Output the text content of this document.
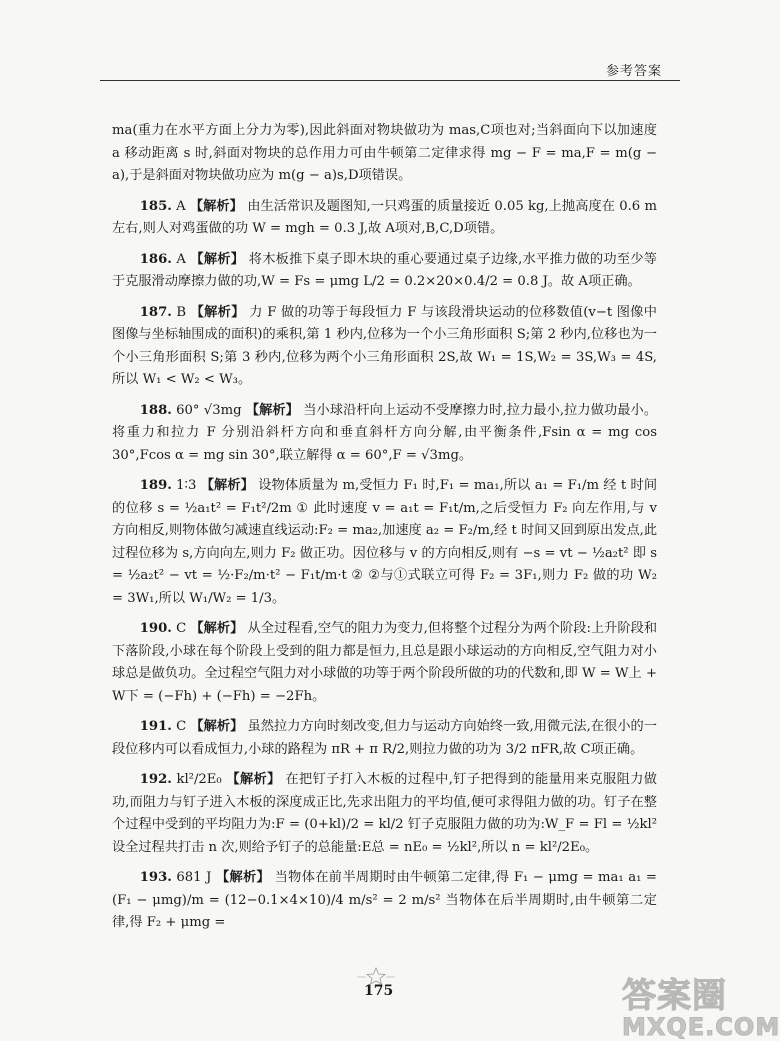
参考答案

ma(重力在水平方面上分力为零),因此斜面对物块做功为 mas,C项也对;当斜面向下以加速度 a 移动距离 s 时,斜面对物块的总作用力可由牛顿第二定律求得 mg − F = ma,F = m(g − a),于是斜面对物块做功应为 m(g − a)s,D项错误。

185. A 【解析】 由生活常识及题图知,一只鸡蛋的质量接近 0.05 kg,上抛高度在 0.6 m 左右,则人对鸡蛋做的功 W = mgh = 0.3 J,故 A项对,B,C,D项错。

186. A 【解析】 将木板推下桌子即木块的重心要通过桌子边缘,水平推力做的功至少等于克服滑动摩擦力做的功,W = Fs = μmg L/2 = 0.2×20×0.4/2 = 0.8 J。故 A项正确。

187. B 【解析】 力 F 做的功等于每段恒力 F 与该段滑块运动的位移数值(v−t 图像中图像与坐标轴围成的面积)的乘积,第 1 秒内,位移为一个小三角形面积 S;第 2 秒内,位移也为一个小三角形面积 S;第 3 秒内,位移为两个小三角形面积 2S,故 W₁ = 1S,W₂ = 3S,W₃ = 4S,所以 W₁ < W₂ < W₃。

188. 60° √3mg 【解析】 当小球沿杆向上运动不受摩擦力时,拉力最小,拉力做功最小。将重力和拉力 F 分别沿斜杆方向和垂直斜杆方向分解,由平衡条件,Fsin α = mg cos 30°,Fcos α = mg sin 30°,联立解得 α = 60°,F = √3mg。

189. 1∶3 【解析】 设物体质量为 m,受恒力 F₁ 时,F₁ = ma₁,所以 a₁ = F₁/m 经 t 时间的位移 s = ½a₁t² = F₁t²/2m ① 此时速度 v = a₁t = F₁t/m,之后受恒力 F₂ 向左作用,与 v 方向相反,则物体做匀减速直线运动:F₂ = ma₂,加速度 a₂ = F₂/m,经 t 时间又回到原出发点,此过程位移为 s,方向向左,则力 F₂ 做正功。因位移与 v 的方向相反,则有 −s = vt − ½a₂t² 即 s = ½a₂t² − vt = ½·F₂/m·t² − F₁t/m·t ② ②与①式联立可得 F₂ = 3F₁,则力 F₂ 做的功 W₂ = 3W₁,所以 W₁/W₂ = 1/3。

190. C 【解析】 从全过程看,空气的阻力为变力,但将整个过程分为两个阶段:上升阶段和下落阶段,小球在每个阶段上受到的阻力都是恒力,且总是跟小球运动的方向相反,空气阻力对小球总是做负功。全过程空气阻力对小球做的功等于两个阶段所做的功的代数和,即 W = W上 + W下 = (−Fh) + (−Fh) = −2Fh。

191. C 【解析】 虽然拉力方向时刻改变,但力与运动方向始终一致,用微元法,在很小的一段位移内可以看成恒力,小球的路程为 πR + π R/2,则拉力做的功为 3/2 πFR,故 C项正确。

192. kl²/2E₀ 【解析】 在把钉子打入木板的过程中,钉子把得到的能量用来克服阻力做功,而阻力与钉子进入木板的深度成正比,先求出阻力的平均值,便可求得阻力做的功。钉子在整个过程中受到的平均阻力为:F = (0+kl)/2 = kl/2 钉子克服阻力做的功为:W_F = Fl = ½kl² 设全过程共打击 n 次,则给予钉子的总能量:E总 = nE₀ = ½kl²,所以 n = kl²/2E₀。

193. 681 J 【解析】 当物体在前半周期时由牛顿第二定律,得 F₁ − μmg = ma₁ a₁ = (F₁ − μmg)/m = (12−0.1×4×10)/4 m/s² = 2 m/s² 当物体在后半周期时,由牛顿第二定律,得 F₂ + μmg =

175	答案圈
MXQE.COM
